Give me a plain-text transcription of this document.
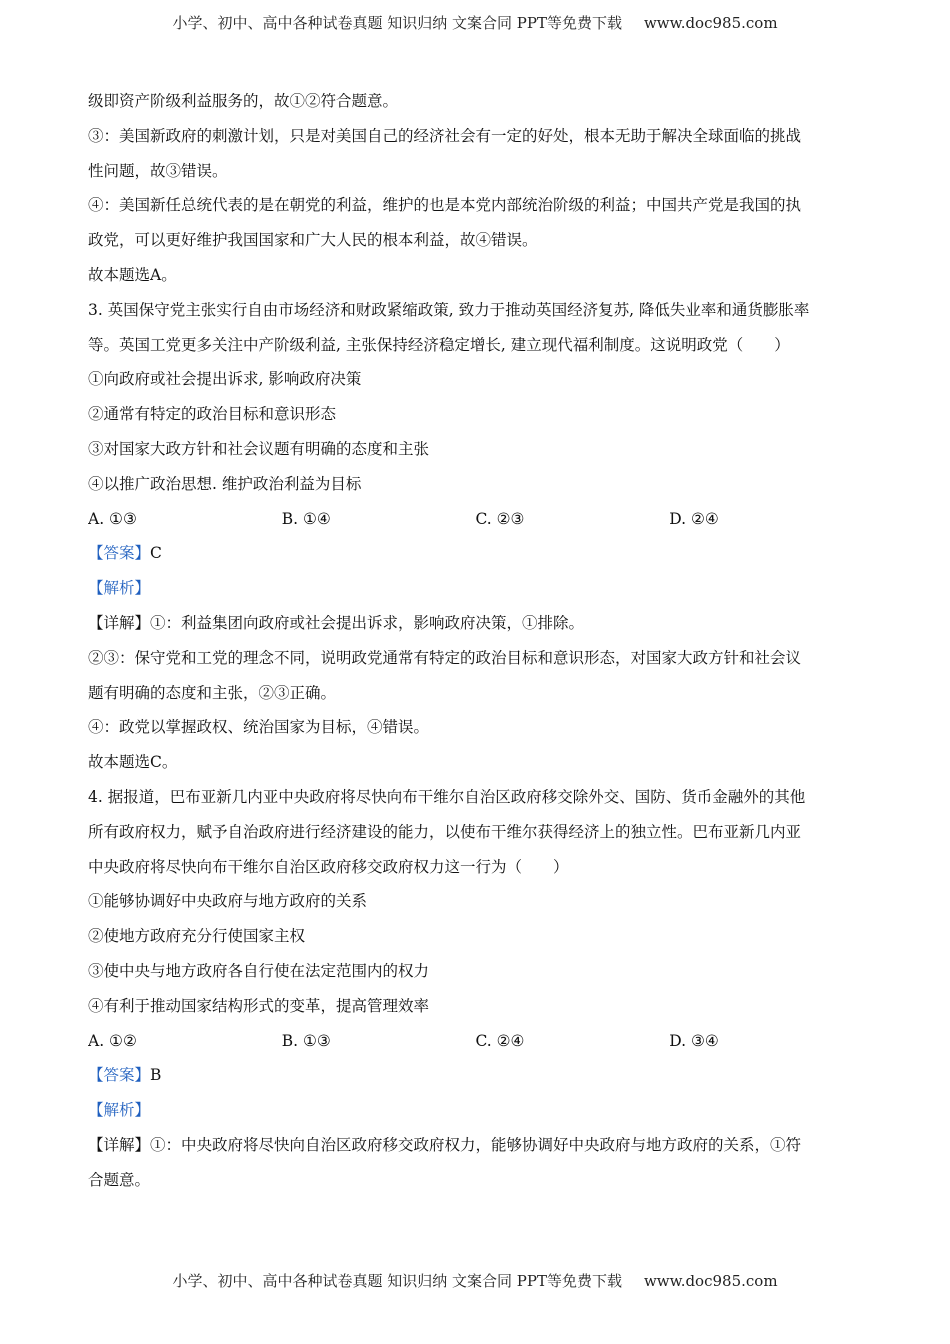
小学、初中、高中各种试卷真题 知识归纳 文案合同 PPT等免费下载 www.doc985.com
级即资产阶级利益服务的，故①②符合题意。
③：美国新政府的刺激计划，只是对美国自己的经济社会有一定的好处，根本无助于解决全球面临的挑战
性问题，故③错误。
④：美国新任总统代表的是在朝党的利益，维护的也是本党内部统治阶级的利益；中国共产党是我国的执
政党，可以更好维护我国国家和广大人民的根本利益，故④错误。
故本题选A。
3. 英国保守党主张实行自由市场经济和财政紧缩政策, 致力于推动英国经济复苏, 降低失业率和通货膨胀率
等。英国工党更多关注中产阶级利益, 主张保持经济稳定增长, 建立现代福利制度。这说明政党（　　）
①向政府或社会提出诉求, 影响政府决策
②通常有特定的政治目标和意识形态
③对国家大政方针和社会议题有明确的态度和主张
④以推广政治思想. 维护政治利益为目标
A. ①③	B. ①④	C. ②③	D. ②④
【答案】C
【解析】
【详解】①：利益集团向政府或社会提出诉求，影响政府决策，①排除。
②③：保守党和工党的理念不同，说明政党通常有特定的政治目标和意识形态，对国家大政方针和社会议
题有明确的态度和主张，②③正确。
④：政党以掌握政权、统治国家为目标，④错误。
故本题选C。
4. 据报道，巴布亚新几内亚中央政府将尽快向布干维尔自治区政府移交除外交、国防、货币金融外的其他
所有政府权力，赋予自治政府进行经济建设的能力，以使布干维尔获得经济上的独立性。巴布亚新几内亚
中央政府将尽快向布干维尔自治区政府移交政府权力这一行为（　　）
①能够协调好中央政府与地方政府的关系
②使地方政府充分行使国家主权
③使中央与地方政府各自行使在法定范围内的权力
④有利于推动国家结构形式的变革，提高管理效率
A. ①②	B. ①③	C. ②④	D. ③④
【答案】B
【解析】
【详解】①：中央政府将尽快向自治区政府移交政府权力，能够协调好中央政府与地方政府的关系，①符
合题意。
小学、初中、高中各种试卷真题 知识归纳 文案合同 PPT等免费下载 www.doc985.com
